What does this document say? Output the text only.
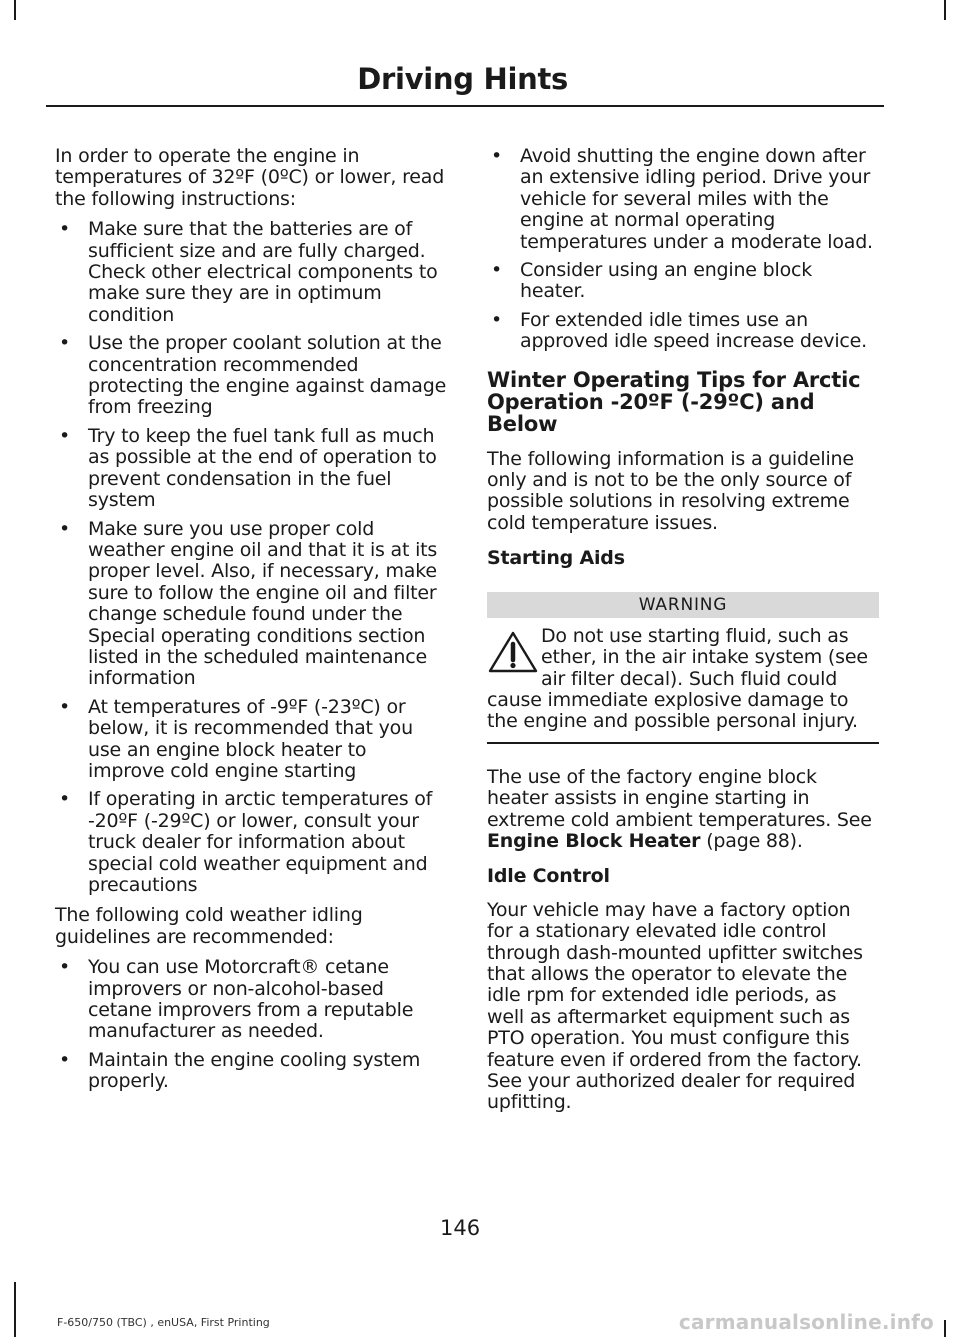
Driving Hints

In order to operate the engine in temperatures of 32ºF (0ºC) or lower, read the following instructions:

• Make sure that the batteries are of sufficient size and are fully charged. Check other electrical components to make sure they are in optimum condition
• Use the proper coolant solution at the concentration recommended protecting the engine against damage from freezing
• Try to keep the fuel tank full as much as possible at the end of operation to prevent condensation in the fuel system
• Make sure you use proper cold weather engine oil and that it is at its proper level. Also, if necessary, make sure to follow the engine oil and filter change schedule found under the Special operating conditions section listed in the scheduled maintenance information
• At temperatures of -9ºF (-23ºC) or below, it is recommended that you use an engine block heater to improve cold engine starting
• If operating in arctic temperatures of -20ºF (-29ºC) or lower, consult your truck dealer for information about special cold weather equipment and precautions

The following cold weather idling guidelines are recommended:

• You can use Motorcraft® cetane improvers or non-alcohol-based cetane improvers from a reputable manufacturer as needed.
• Maintain the engine cooling system properly.
• Avoid shutting the engine down after an extensive idling period. Drive your vehicle for several miles with the engine at normal operating temperatures under a moderate load.
• Consider using an engine block heater.
• For extended idle times use an approved idle speed increase device.
Winter Operating Tips for Arctic Operation -20ºF (-29ºC) and Below

The following information is a guideline only and is not to be the only source of possible solutions in resolving extreme cold temperature issues.

Starting Aids
WARNING
Do not use starting fluid, such as ether, in the air intake system (see air filter decal). Such fluid could cause immediate explosive damage to the engine and possible personal injury.

The use of the factory engine block heater assists in engine starting in extreme cold ambient temperatures. See Engine Block Heater (page 88).

Idle Control

Your vehicle may have a factory option for a stationary elevated idle control through dash-mounted upfitter switches that allows the operator to elevate the idle rpm for extended idle periods, as well as aftermarket equipment such as PTO operation. You must configure this feature even if ordered from the factory. See your authorized dealer for required upfitting.

146
F-650/750 (TBC) , enUSA, First Printing	carmanualsonline.info
